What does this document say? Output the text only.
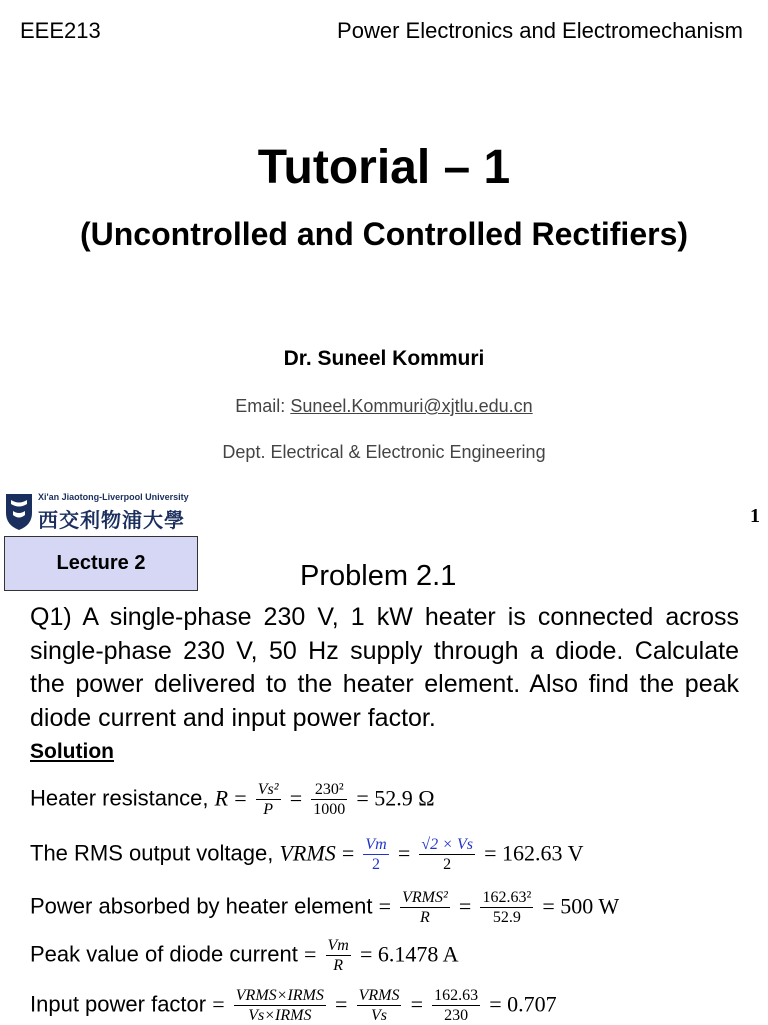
EEE213	Power Electronics and Electromechanism
Tutorial – 1
(Uncontrolled and Controlled Rectifiers)
Dr. Suneel Kommuri
Email: Suneel.Kommuri@xjtlu.edu.cn
Dept. Electrical & Electronic Engineering
Xi'an Jiaotong-Liverpool University
西交利物浦大學	1
Lecture 2	Problem 2.1
Q1) A single-phase 230 V, 1 kW heater is connected across single-phase 230 V, 50 Hz supply through a diode. Calculate the power delivered to the heater element. Also find the peak diode current and input power factor.
Solution
Heater resistance, $R = \frac{\text{Vs²}}{P} = \frac{\text{230²}}{1000} = 52.9$ Ω
The RMS output voltage, VRMS = $\frac{Vm}{2} = \frac{√2 \times Vs}{2} = 162.63$ V
Power absorbed by heater element = $\frac{\text{VRMS²}}{R} = \frac{\text{162.63²}}{52.9} = 500$ W
Peak value of diode current = $\frac{Vm}{R} = 6.1478$ A
Input power factor = $\frac{\text{VRMS×IRMS}}{\text{Vs×IRMS}} = \frac{\text{VRMS}}{Vs} = \frac{162.63}{230} = 0.707$
